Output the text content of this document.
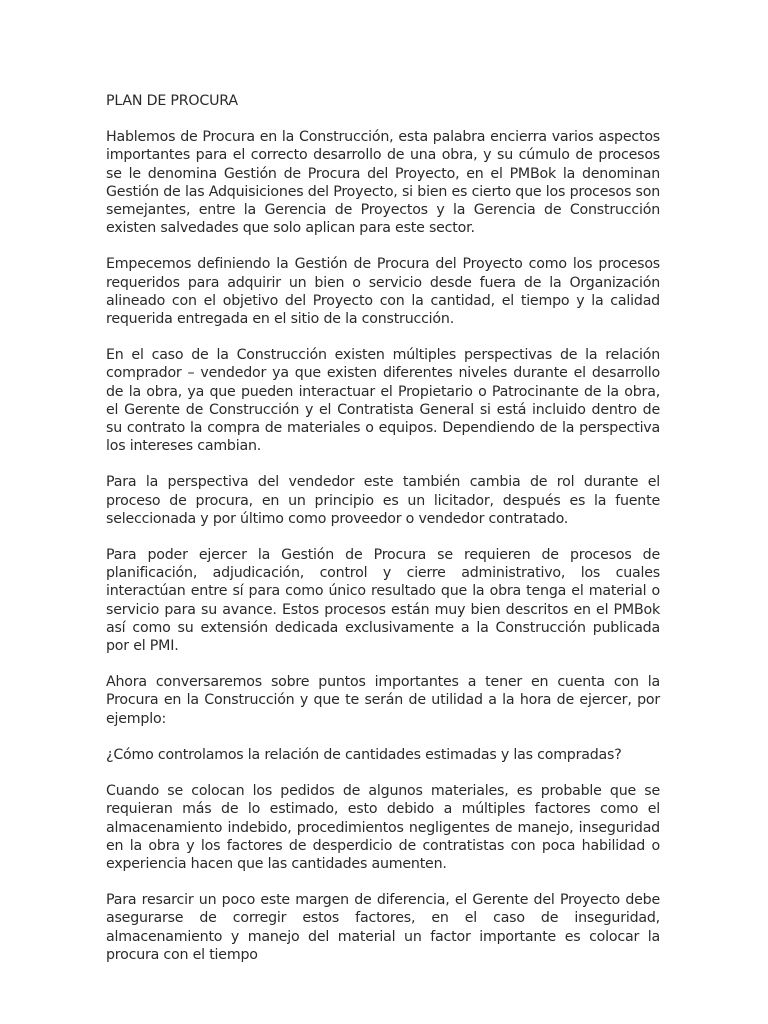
PLAN DE PROCURA

Hablemos de Procura en la Construcción, esta palabra encierra varios aspectos importantes para el correcto desarrollo de una obra, y su cúmulo de procesos se le denomina Gestión de Procura del Proyecto, en el PMBok la denominan Gestión de las Adquisiciones del Proyecto, si bien es cierto que los procesos son semejantes, entre la Gerencia de Proyectos y la Gerencia de Construcción existen salvedades que solo aplican para este sector.

Empecemos definiendo la Gestión de Procura del Proyecto como los procesos requeridos para adquirir un bien o servicio desde fuera de la Organización alineado con el objetivo del Proyecto con la cantidad, el tiempo y la calidad requerida entregada en el sitio de la construcción.

En el caso de la Construcción existen múltiples perspectivas de la relación comprador – vendedor ya que existen diferentes niveles durante el desarrollo de la obra, ya que pueden interactuar el Propietario o Patrocinante de la obra, el Gerente de Construcción y el Contratista General si está incluido dentro de su contrato la compra de materiales o equipos. Dependiendo de la perspectiva los intereses cambian.

Para la perspectiva del vendedor este también cambia de rol durante el proceso de procura, en un principio es un licitador, después es la fuente seleccionada y por último como proveedor o vendedor contratado.

Para poder ejercer la Gestión de Procura se requieren de procesos de planificación, adjudicación, control y cierre administrativo, los cuales interactúan entre sí para como único resultado que la obra tenga el material o servicio para su avance. Estos procesos están muy bien descritos en el PMBok así como su extensión dedicada exclusivamente a la Construcción publicada por el PMI.

Ahora conversaremos sobre puntos importantes a tener en cuenta con la Procura en la Construcción y que te serán de utilidad a la hora de ejercer, por ejemplo:

¿Cómo controlamos la relación de cantidades estimadas y las compradas?

Cuando se colocan los pedidos de algunos materiales, es probable que se requieran más de lo estimado, esto debido a múltiples factores como el almacenamiento indebido, procedimientos negligentes de manejo, inseguridad en la obra y los factores de desperdicio de contratistas con poca habilidad o experiencia hacen que las cantidades aumenten.

Para resarcir un poco este margen de diferencia, el Gerente del Proyecto debe asegurarse de corregir estos factores, en el caso de inseguridad, almacenamiento y manejo del material un factor importante es colocar la procura con el tiempo
